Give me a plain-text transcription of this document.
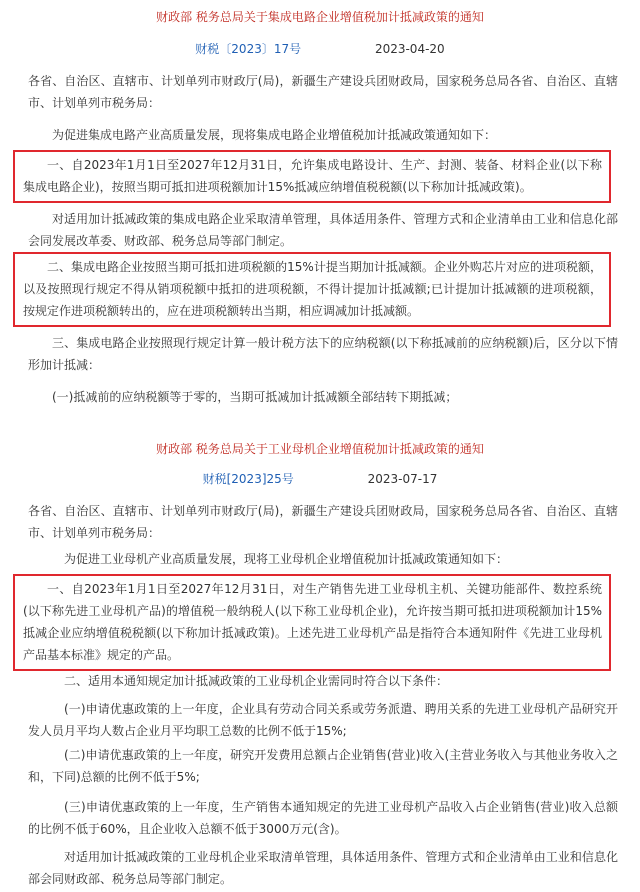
财政部 税务总局关于集成电路企业增值税加计抵减政策的通知
财税〔2023〕17号	2023-04-20

各省、自治区、直辖市、计划单列市财政厅(局)，新疆生产建设兵团财政局，国家税务总局各省、自治区、直辖市、计划单列市税务局：

为促进集成电路产业高质量发展，现将集成电路企业增值税加计抵减政策通知如下：

一、自2023年1月1日至2027年12月31日，允许集成电路设计、生产、封测、装备、材料企业(以下称集成电路企业)，按照当期可抵扣进项税额加计15%抵减应纳增值税税额(以下称加计抵减政策)。

对适用加计抵减政策的集成电路企业采取清单管理，具体适用条件、管理方式和企业清单由工业和信息化部会同发展改革委、财政部、税务总局等部门制定。

二、集成电路企业按照当期可抵扣进项税额的15%计提当期加计抵减额。企业外购芯片对应的进项税额，以及按照现行规定不得从销项税额中抵扣的进项税额，不得计提加计抵减额;已计提加计抵减额的进项税额，按规定作进项税额转出的，应在进项税额转出当期，相应调减加计抵减额。

三、集成电路企业按照现行规定计算一般计税方法下的应纳税额(以下称抵减前的应纳税额)后，区分以下情形加计抵减：

(一)抵减前的应纳税额等于零的，当期可抵减加计抵减额全部结转下期抵减；

财政部 税务总局关于工业母机企业增值税加计抵减政策的通知
财税[2023]25号	2023-07-17

各省、自治区、直辖市、计划单列市财政厅(局)，新疆生产建设兵团财政局，国家税务总局各省、自治区、直辖市、计划单列市税务局：

为促进工业母机产业高质量发展，现将工业母机企业增值税加计抵减政策通知如下：

一、自2023年1月1日至2027年12月31日，对生产销售先进工业母机主机、关键功能部件、数控系统(以下称先进工业母机产品)的增值税一般纳税人(以下称工业母机企业)，允许按当期可抵扣进项税额加计15%抵减企业应纳增值税税额(以下称加计抵减政策)。上述先进工业母机产品是指符合本通知附件《先进工业母机产品基本标准》规定的产品。

二、适用本通知规定加计抵减政策的工业母机企业需同时符合以下条件：

(一)申请优惠政策的上一年度，企业具有劳动合同关系或劳务派遣、聘用关系的先进工业母机产品研究开发人员月平均人数占企业月平均职工总数的比例不低于15%;

(二)申请优惠政策的上一年度，研究开发费用总额占企业销售(营业)收入(主营业务收入与其他业务收入之和，下同)总额的比例不低于5%;

(三)申请优惠政策的上一年度，生产销售本通知规定的先进工业母机产品收入占企业销售(营业)收入总额的比例不低于60%，且企业收入总额不低于3000万元(含)。

对适用加计抵减政策的工业母机企业采取清单管理，具体适用条件、管理方式和企业清单由工业和信息化部会同财政部、税务总局等部门制定。
